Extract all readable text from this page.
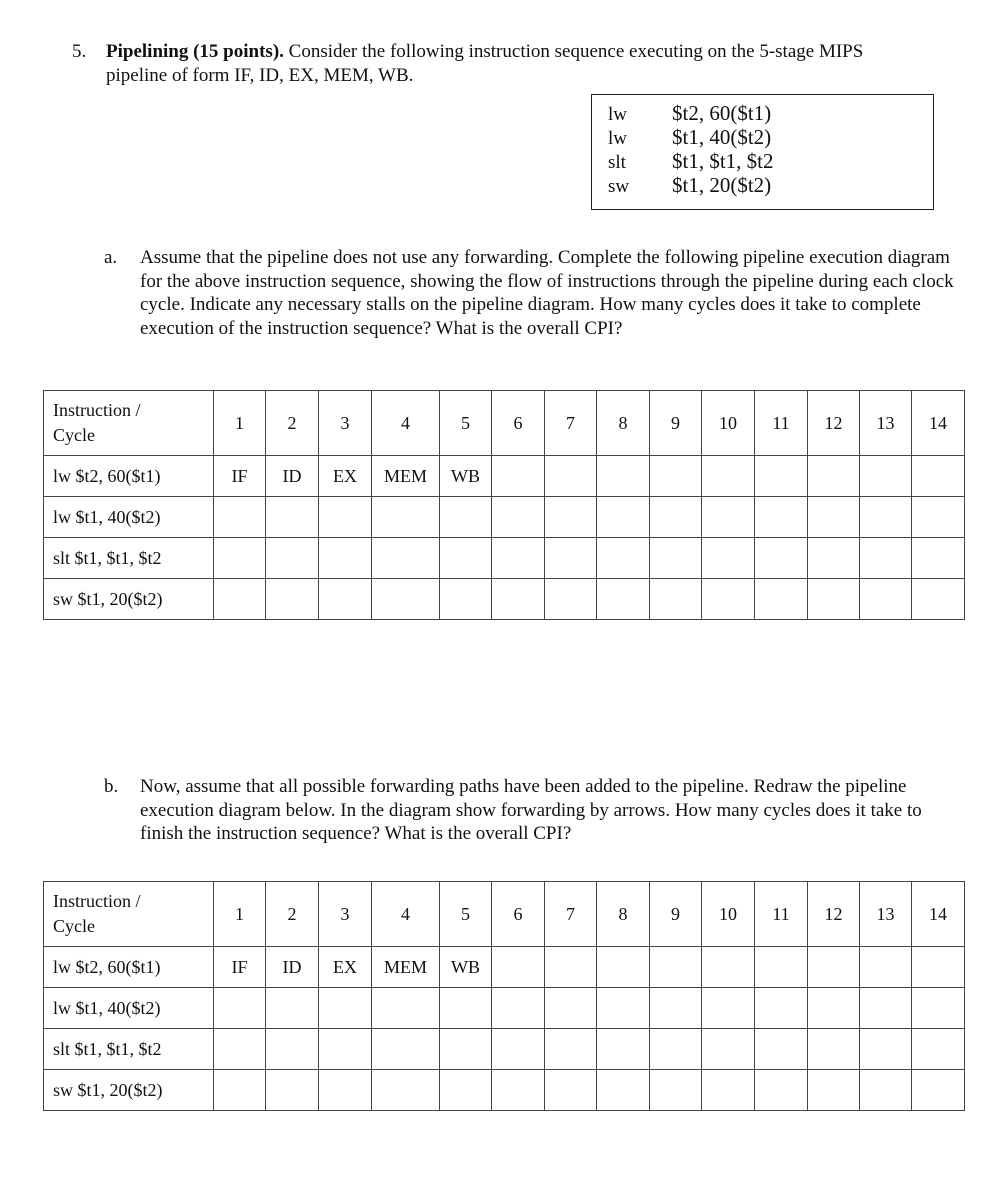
5. Pipelining (15 points). Consider the following instruction sequence executing on the 5-stage MIPS
pipeline of form IF, ID, EX, MEM, WB.
lw $t2, 60($t1)
lw $t1, 40($t2)
slt $t1, $t1, $t2
sw $t1, 20($t2)
a. Assume that the pipeline does not use any forwarding. Complete the following pipeline execution diagram for the above instruction sequence, showing the flow of instructions through the pipeline during each clock cycle. Indicate any necessary stalls on the pipeline diagram. How many cycles does it take to complete execution of the instruction sequence? What is the overall CPI?
Instruction /
Cycle	1	2	3	4	5	6	7	8	9	10	11	12	13	14
lw $t2, 60($t1)	IF	ID	EX	MEM	WB									
lw $t1, 40($t2)														
slt $t1, $t1, $t2														
sw $t1, 20($t2)														
b. Now, assume that all possible forwarding paths have been added to the pipeline. Redraw the pipeline execution diagram below. In the diagram show forwarding by arrows. How many cycles does it take to finish the instruction sequence? What is the overall CPI?
Instruction /
Cycle	1	2	3	4	5	6	7	8	9	10	11	12	13	14
lw $t2, 60($t1)	IF	ID	EX	MEM	WB									
lw $t1, 40($t2)														
slt $t1, $t1, $t2														
sw $t1, 20($t2)														
